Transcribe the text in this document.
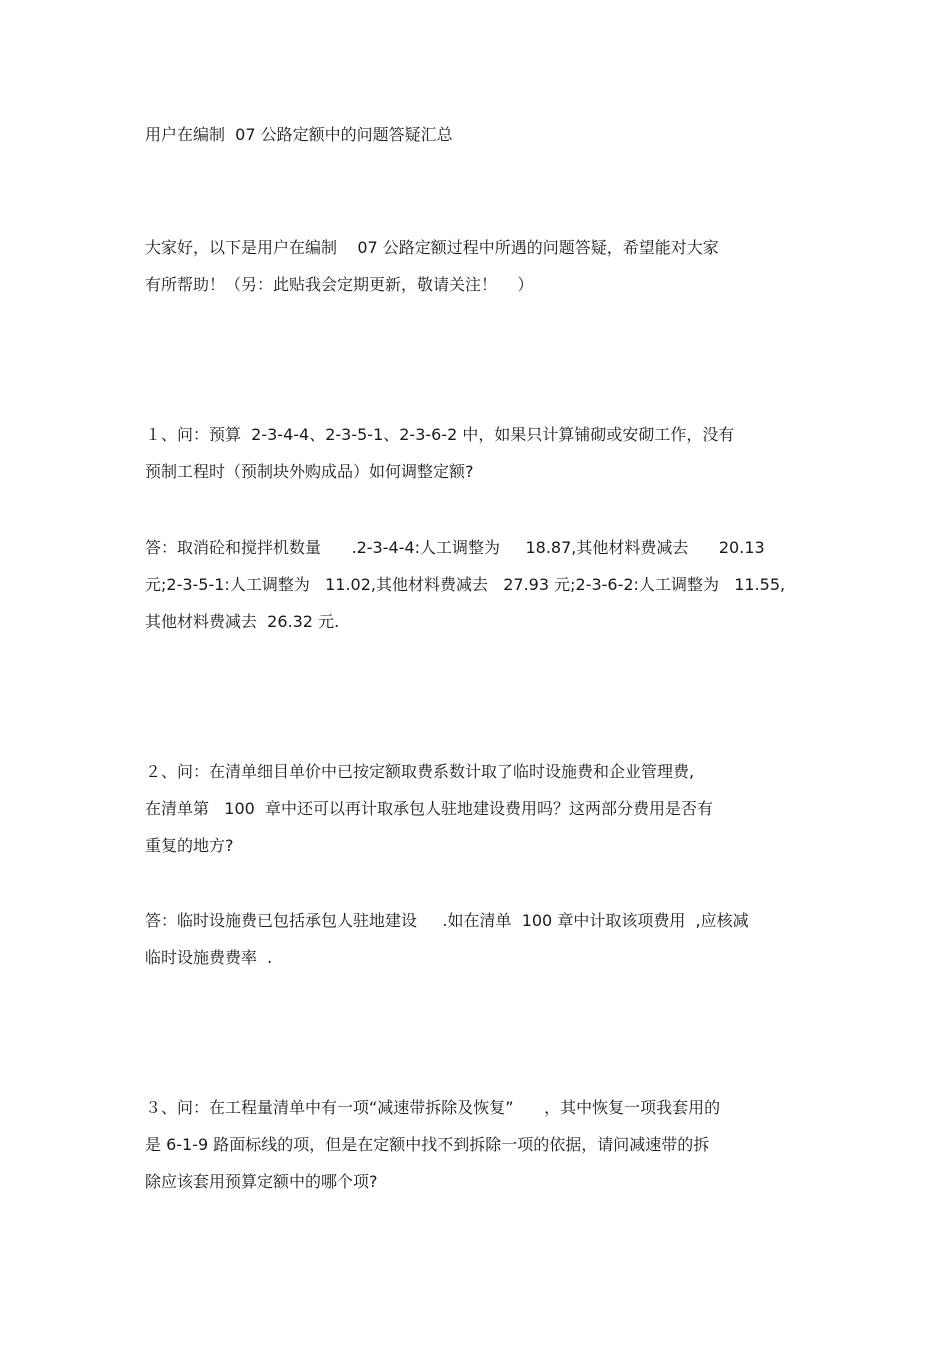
用户在编制  07 公路定额中的问题答疑汇总

大家好，以下是用户在编制    07 公路定额过程中所遇的问题答疑，希望能对大家

有所帮助！（另：此贴我会定期更新，敬请关注！    ）

１、问：预算  2-3-4-4、2-3-5-1、2-3-6-2 中，如果只计算铺砌或安砌工作，没有

预制工程时（预制块外购成品）如何调整定额?

答：取消砼和搅拌机数量      .2-3-4-4:人工调整为     18.87,其他材料费减去      20.13

元;2-3-5-1:人工调整为   11.02,其他材料费减去   27.93 元;2-3-6-2:人工调整为   11.55,

其他材料费减去  26.32 元.

２、问：在清单细目单价中已按定额取费系数计取了临时设施费和企业管理费,

在清单第   100  章中还可以再计取承包人驻地建设费用吗？这两部分费用是否有

重复的地方?

答：临时设施费已包括承包人驻地建设     .如在清单  100 章中计取该项费用  ,应核减

临时设施费费率  .

３、问：在工程量清单中有一项“减速带拆除及恢复”      ，其中恢复一项我套用的

是 6-1-9 路面标线的项，但是在定额中找不到拆除一项的依据，请问减速带的拆

除应该套用预算定额中的哪个项?
